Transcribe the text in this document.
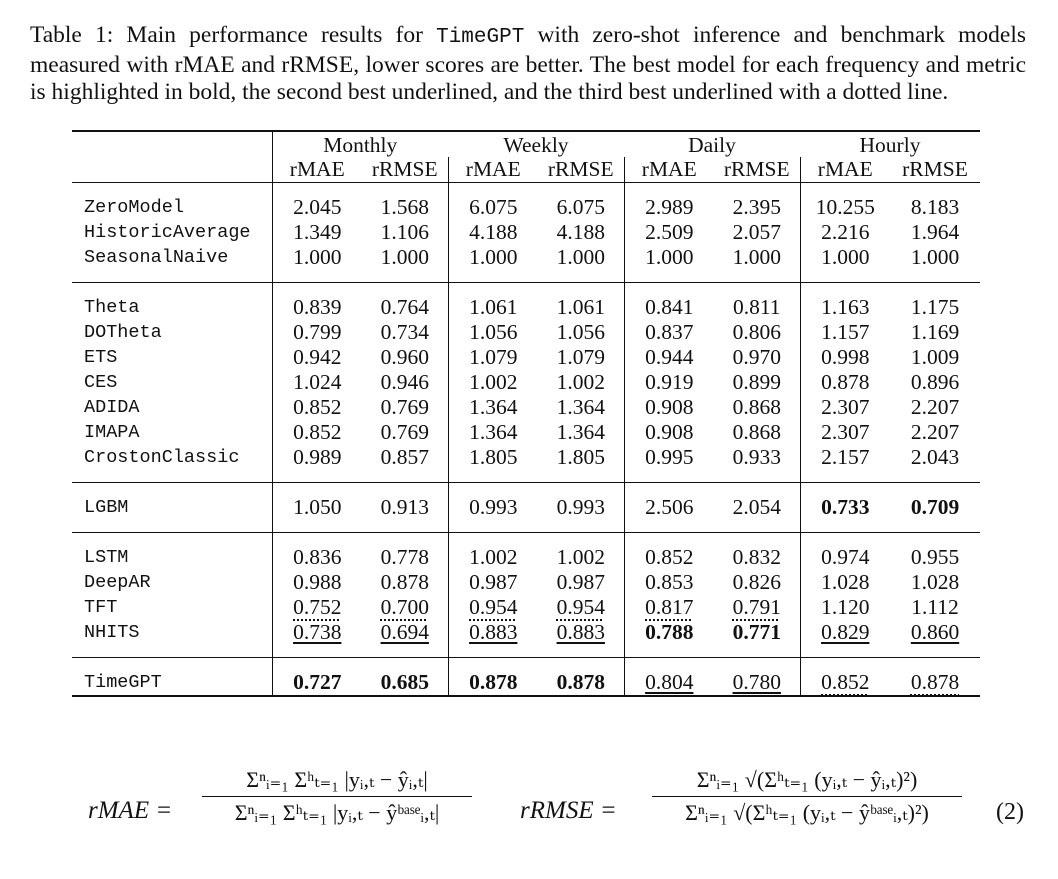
Table 1: Main performance results for TimeGPT with zero-shot inference and benchmark models measured with rMAE and rRMSE, lower scores are better. The best model for each frequency and metric is highlighted in bold, the second best underlined, and the third best underlined with a dotted line.
	Monthly		Weekly		Daily		Hourly	
	rMAE	rRMSE	rMAE	rRMSE	rMAE	rRMSE	rMAE	rRMSE

ZeroModel	2.045	1.568	6.075	6.075	2.989	2.395	10.255	8.183
HistoricAverage	1.349	1.106	4.188	4.188	2.509	2.057	2.216	1.964
SeasonalNaive	1.000	1.000	1.000	1.000	1.000	1.000	1.000	1.000

Theta	0.839	0.764	1.061	1.061	0.841	0.811	1.163	1.175
DOTheta	0.799	0.734	1.056	1.056	0.837	0.806	1.157	1.169
ETS	0.942	0.960	1.079	1.079	0.944	0.970	0.998	1.009
CES	1.024	0.946	1.002	1.002	0.919	0.899	0.878	0.896
ADIDA	0.852	0.769	1.364	1.364	0.908	0.868	2.307	2.207
IMAPA	0.852	0.769	1.364	1.364	0.908	0.868	2.307	2.207
CrostonClassic	0.989	0.857	1.805	1.805	0.995	0.933	2.157	2.043

LGBM	1.050	0.913	0.993	0.993	2.506	2.054	0.733	0.709

LSTM	0.836	0.778	1.002	1.002	0.852	0.832	0.974	0.955
DeepAR	0.988	0.878	0.987	0.987	0.853	0.826	1.028	1.028
TFT	0.752	0.700	0.954	0.954	0.817	0.791	1.120	1.112
NHITS	0.738	0.694	0.883	0.883	0.788	0.771	0.829	0.860

TimeGPT	0.727	0.685	0.878	0.878	0.804	0.780	0.852	0.878
rMAE =
Σⁿᵢ₌₁ Σʰₜ₌₁ |yᵢ,ₜ − ŷᵢ,ₜ|
Σⁿᵢ₌₁ Σʰₜ₌₁ |yᵢ,ₜ − ŷᵇᵃˢᵉᵢ,ₜ|	rRMSE =
Σⁿᵢ₌₁ √(Σʰₜ₌₁ (yᵢ,ₜ − ŷᵢ,ₜ)²)
Σⁿᵢ₌₁ √(Σʰₜ₌₁ (yᵢ,ₜ − ŷᵇᵃˢᵉᵢ,ₜ)²)	(2)
